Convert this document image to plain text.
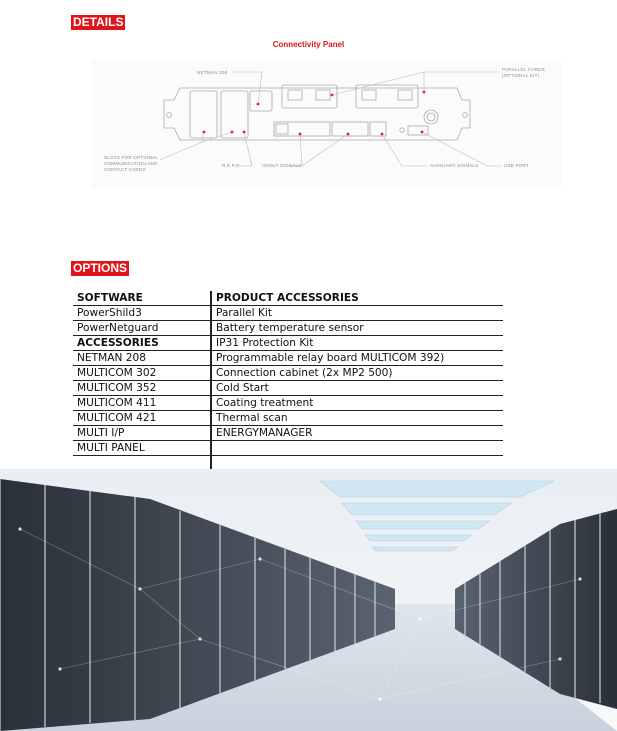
DETAILS
Connectivity Panel
NETMAN 208
PARALLEL CARDS
(OPTIONAL KIT)
SLOTS FOR OPTIONAL
COMMUNICATION AND
CONTACT CARDS
R.E.P.O	IN/OUT SIGNALS	AUXILIARY SIGNALS	USB PORT
OPTIONS
SOFTWARE	PRODUCT ACCESSORIES
PowerShild3	Parallel Kit
PowerNetguard	Battery temperature sensor
ACCESSORIES	IP31 Protection Kit
NETMAN 208	Programmable relay board MULTICOM 392)
MULTICOM 302	Connection cabinet (2x MP2 500)
MULTICOM 352	Cold Start
MULTICOM 411	Coating treatment
MULTICOM 421	Thermal scan
MULTI I/P	ENERGYMANAGER
MULTI PANEL	
